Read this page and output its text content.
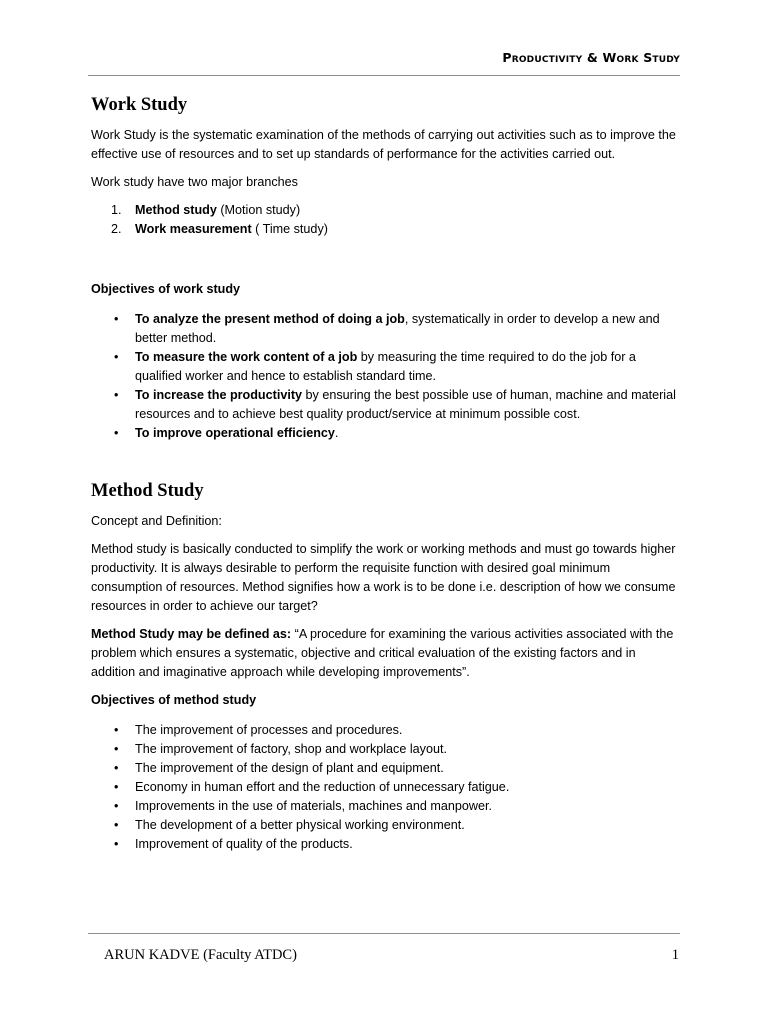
Productivity & Work Study
Work Study

Work Study is the systematic examination of the methods of carrying out activities such as to improve the effective use of resources and to set up standards of performance for the activities carried out.

Work study have two major branches

1. Method study (Motion study)
2. Work measurement ( Time study)

Objectives of work study

• To analyze the present method of doing a job, systematically in order to develop a new and better method.
• To measure the work content of a job by measuring the time required to do the job for a qualified worker and hence to establish standard time.
• To increase the productivity by ensuring the best possible use of human, machine and material resources and to achieve best quality product/service at minimum possible cost.
• To improve operational efficiency.
Method Study

Concept and Definition:

Method study is basically conducted to simplify the work or working methods and must go towards higher productivity. It is always desirable to perform the requisite function with desired goal minimum consumption of resources. Method signifies how a work is to be done i.e. description of how we consume resources in order to achieve our target?

Method Study may be defined as: “A procedure for examining the various activities associated with the problem which ensures a systematic, objective and critical evaluation of the existing factors and in addition and imaginative approach while developing improvements”.

Objectives of method study

• The improvement of processes and procedures.
• The improvement of factory, shop and workplace layout.
• The improvement of the design of plant and equipment.
• Economy in human effort and the reduction of unnecessary fatigue.
• Improvements in the use of materials, machines and manpower.
• The development of a better physical working environment.
• Improvement of quality of the products.
ARUN KADVE (Faculty ATDC)	1
